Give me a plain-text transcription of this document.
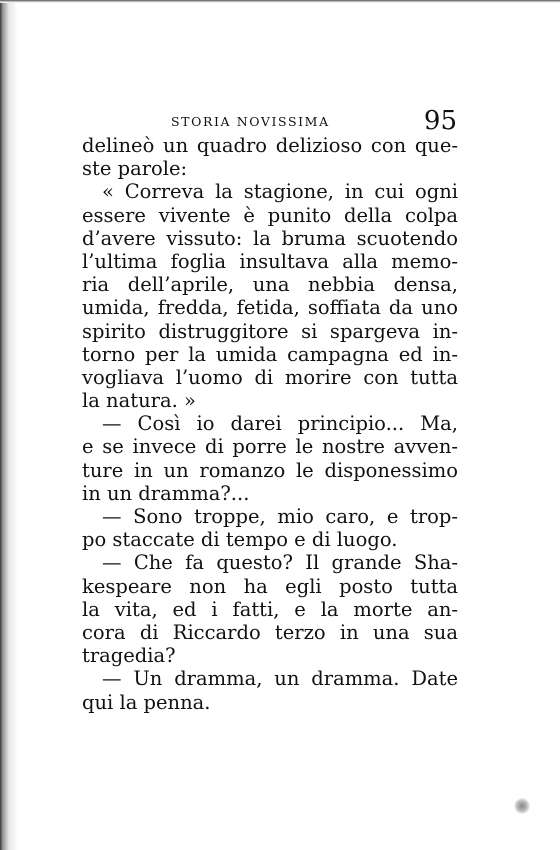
STORIA NOVISSIMA	95
delineò un quadro delizioso con que-
ste parole:
« Correva la stagione, in cui ogni
essere vivente è punito della colpa
d’avere vissuto: la bruma scuotendo
l’ultima foglia insultava alla memo-
ria dell’aprile, una nebbia densa,
umida, fredda, fetida, soffiata da uno
spirito distruggitore si spargeva in-
torno per la umida campagna ed in-
vogliava l’uomo di morire con tutta
la natura. »
— Così io darei principio... Ma,
e se invece di porre le nostre avven-
ture in un romanzo le disponessimo
in un dramma?...
— Sono troppe, mio caro, e trop-
po staccate di tempo e di luogo.
— Che fa questo? Il grande Sha-
kespeare non ha egli posto tutta
la vita, ed i fatti, e la morte an-
cora di Riccardo terzo in una sua
tragedia?
— Un dramma, un dramma. Date
qui la penna.
